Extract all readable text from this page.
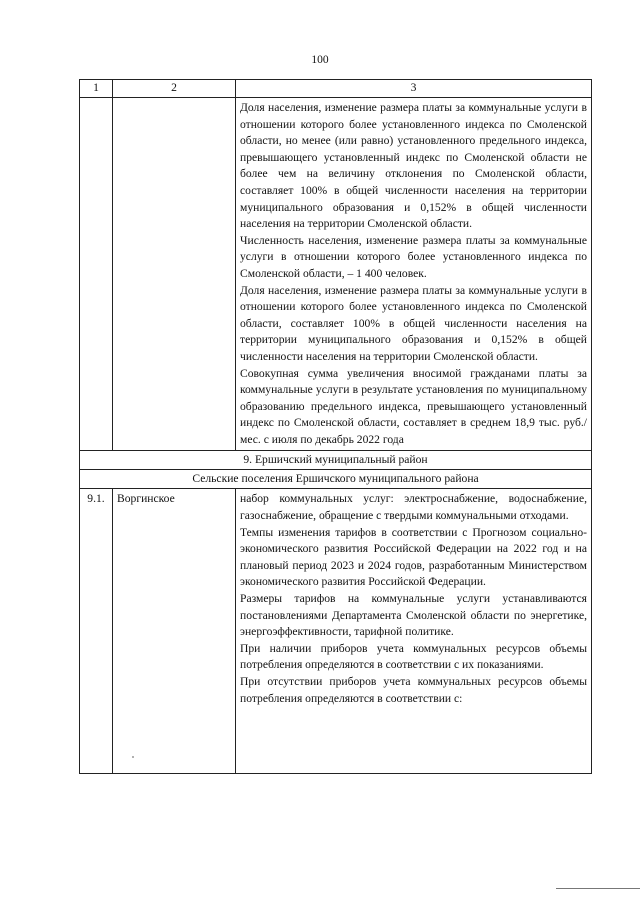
100
1	2	3

		Доля населения, изменение размера платы за коммунальные услуги в отношении которого более установленного индекса по Смоленской области, но менее (или равно) установленного предельного индекса, превышающего установленный индекс по Смоленской области не более чем на величину отклонения по Смоленской области, составляет 100% в общей численности населения на территории муниципального образования и 0,152% в общей численности населения на территории Смоленской области.

Численность населения, изменение размера платы за коммунальные услуги в отношении которого более установленного индекса по Смоленской области, – 1 400 человек.

Доля населения, изменение размера платы за коммунальные услуги в отношении которого более установленного индекса по Смоленской области, составляет 100% в общей численности населения на территории муниципального образования и 0,152% в общей численности населения на территории Смоленской области.

Совокупная сумма увеличения вносимой гражданами платы за коммунальные услуги в результате установления по муниципальному образованию предельного индекса, превышающего установленный индекс по Смоленской области, составляет в среднем 18,9 тыс. руб./мес. с июля по декабрь 2022 года

9. Ершичский муниципальный район		
Сельские поселения Ершичского муниципального района		
9.1.	Воргинское	набор коммунальных услуг: электроснабжение, водоснабжение, газоснабжение, обращение с твердыми коммунальными отходами.

Темпы изменения тарифов в соответствии с Прогнозом социально-экономического развития Российской Федерации на 2022 год и на плановый период 2023 и 2024 годов, разработанным Министерством экономического развития Российской Федерации.

Размеры тарифов на коммунальные услуги устанавливаются постановлениями Департамента Смоленской области по энергетике, энергоэффективности, тарифной политике.

При наличии приборов учета коммунальных ресурсов объемы потребления определяются в соответствии с их показаниями.

При отсутствии приборов учета коммунальных ресурсов объемы потребления определяются в соответствии с:
